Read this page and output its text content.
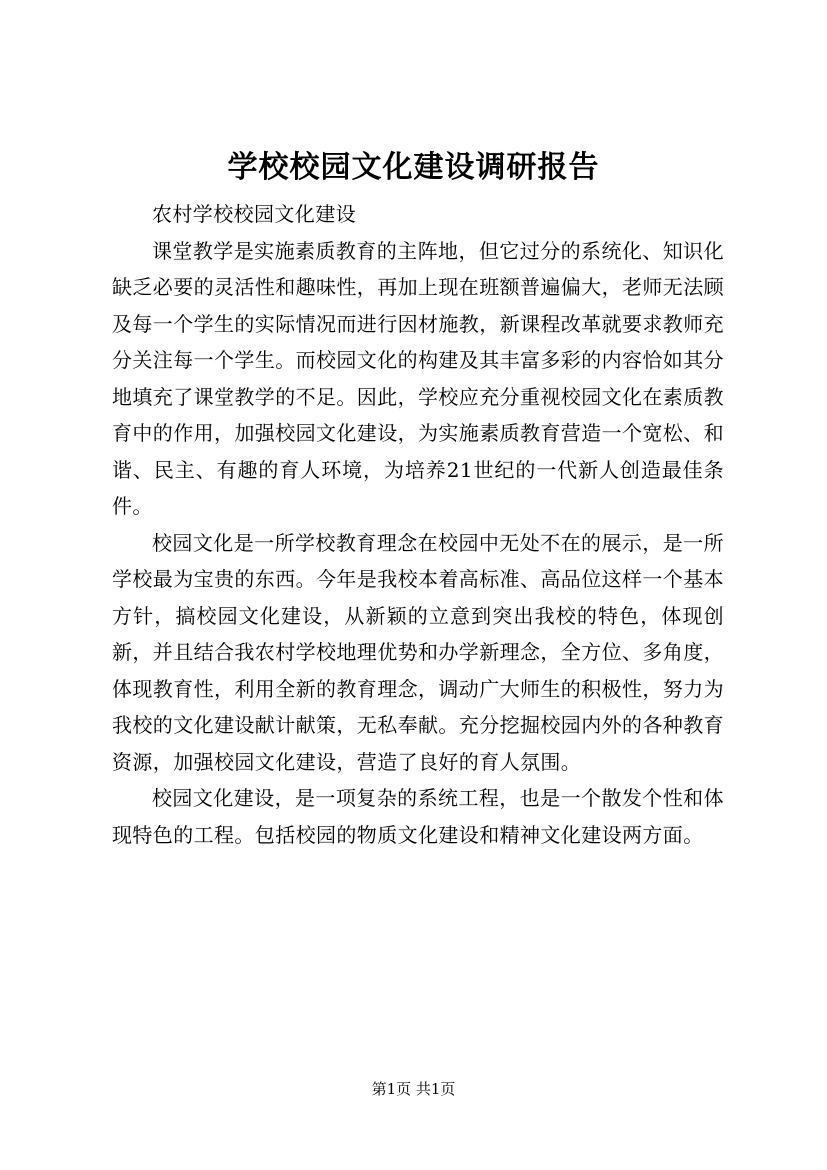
学校校园文化建设调研报告

农村学校校园文化建设

课堂教学是实施素质教育的主阵地，但它过分的系统化、知识化缺乏必要的灵活性和趣味性，再加上现在班额普遍偏大，老师无法顾及每一个学生的实际情况而进行因材施教，新课程改革就要求教师充分关注每一个学生。而校园文化的构建及其丰富多彩的内容恰如其分地填充了课堂教学的不足。因此，学校应充分重视校园文化在素质教育中的作用，加强校园文化建设，为实施素质教育营造一个宽松、和谐、民主、有趣的育人环境，为培养21世纪的一代新人创造最佳条件。

校园文化是一所学校教育理念在校园中无处不在的展示，是一所学校最为宝贵的东西。今年是我校本着高标准、高品位这样一个基本方针，搞校园文化建设，从新颖的立意到突出我校的特色，体现创新，并且结合我农村学校地理优势和办学新理念，全方位、多角度，体现教育性，利用全新的教育理念，调动广大师生的积极性，努力为我校的文化建设献计献策，无私奉献。充分挖掘校园内外的各种教育资源，加强校园文化建设，营造了良好的育人氛围。

校园文化建设，是一项复杂的系统工程，也是一个散发个性和体现特色的工程。包括校园的物质文化建设和精神文化建设两方面。

第1页 共1页
